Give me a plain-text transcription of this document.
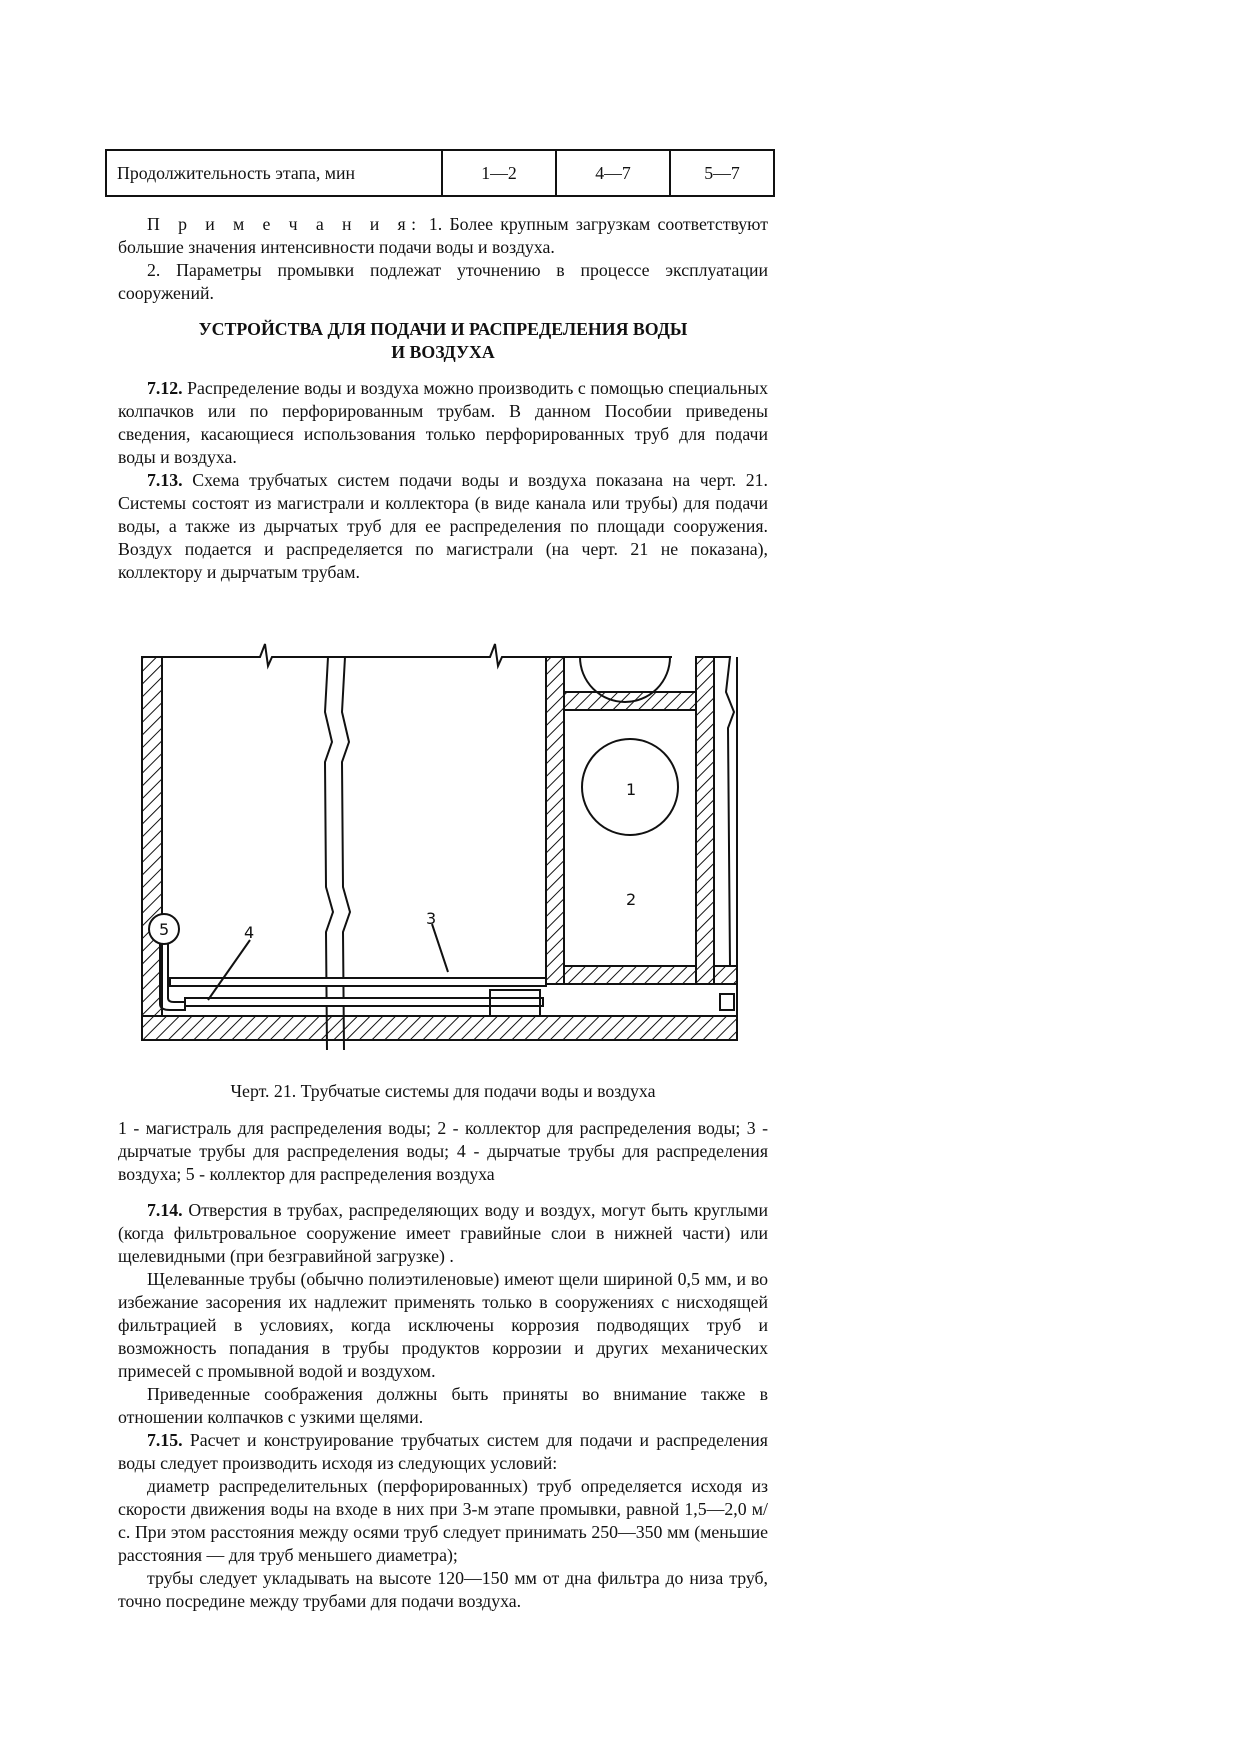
Продолжительность этапа, мин	1—2	4—7	5—7

П р и м е ч а н и я: 1. Более крупным загрузкам соответствуют большие значения интенсивности подачи воды и воздуха.

2. Параметры промывки подлежат уточнению в процессе эксплуатации сооружений.

УСТРОЙСТВА ДЛЯ ПОДАЧИ И РАСПРЕДЕЛЕНИЯ ВОДЫ
И ВОЗДУХА

7.12. Распределение воды и воздуха можно производить с помощью специальных колпачков или по перфорированным трубам. В данном Пособии приведены сведения, касающиеся использования только перфорированных труб для подачи воды и воздуха.

7.13. Схема трубчатых систем подачи воды и воздуха показана на черт. 21. Системы состоят из магистрали и коллектора (в виде канала или трубы) для подачи воды, а также из дырчатых труб для ее распределения по площади сооружения. Воздух подается и распределяется по магистрали (на черт. 21 не показана), коллектору и дырчатым трубам.

1
2
3
4
5
Черт. 21. Трубчатые системы для подачи воды и воздуха

1 - магистраль для распределения воды; 2 - коллектор для распределения воды; 3 - дырчатые трубы для распределения воды; 4 - дырчатые трубы для распределения воздуха; 5 - коллектор для распределения воздуха

7.14. Отверстия в трубах, распределяющих воду и воздух, могут быть круглыми (когда фильтровальное сооружение имеет гравийные слои в нижней части) или щелевидными (при безгравийной загрузке) .

Щелеванные трубы (обычно полиэтиленовые) имеют щели шириной 0,5 мм, и во избежание засорения их надлежит применять только в сооружениях с нисходящей фильтрацией в условиях, когда исключены коррозия подводящих труб и возможность попадания в трубы продуктов коррозии и других механических примесей с промывной водой и воздухом.

Приведенные соображения должны быть приняты во внимание также в отношении колпачков с узкими щелями.

7.15. Расчет и конструирование трубчатых систем для подачи и распределения воды следует производить исходя из следующих условий:

диаметр распределительных (перфорированных) труб определяется исходя из скорости движения воды на входе в них при 3-м этапе промывки, равной 1,5—2,0 м/с. При этом расстояния между осями труб следует принимать 250—350 мм (меньшие расстояния — для труб меньшего диаметра);

трубы следует укладывать на высоте 120—150 мм от дна фильтра до низа труб, точно посредине между трубами для подачи воздуха.
